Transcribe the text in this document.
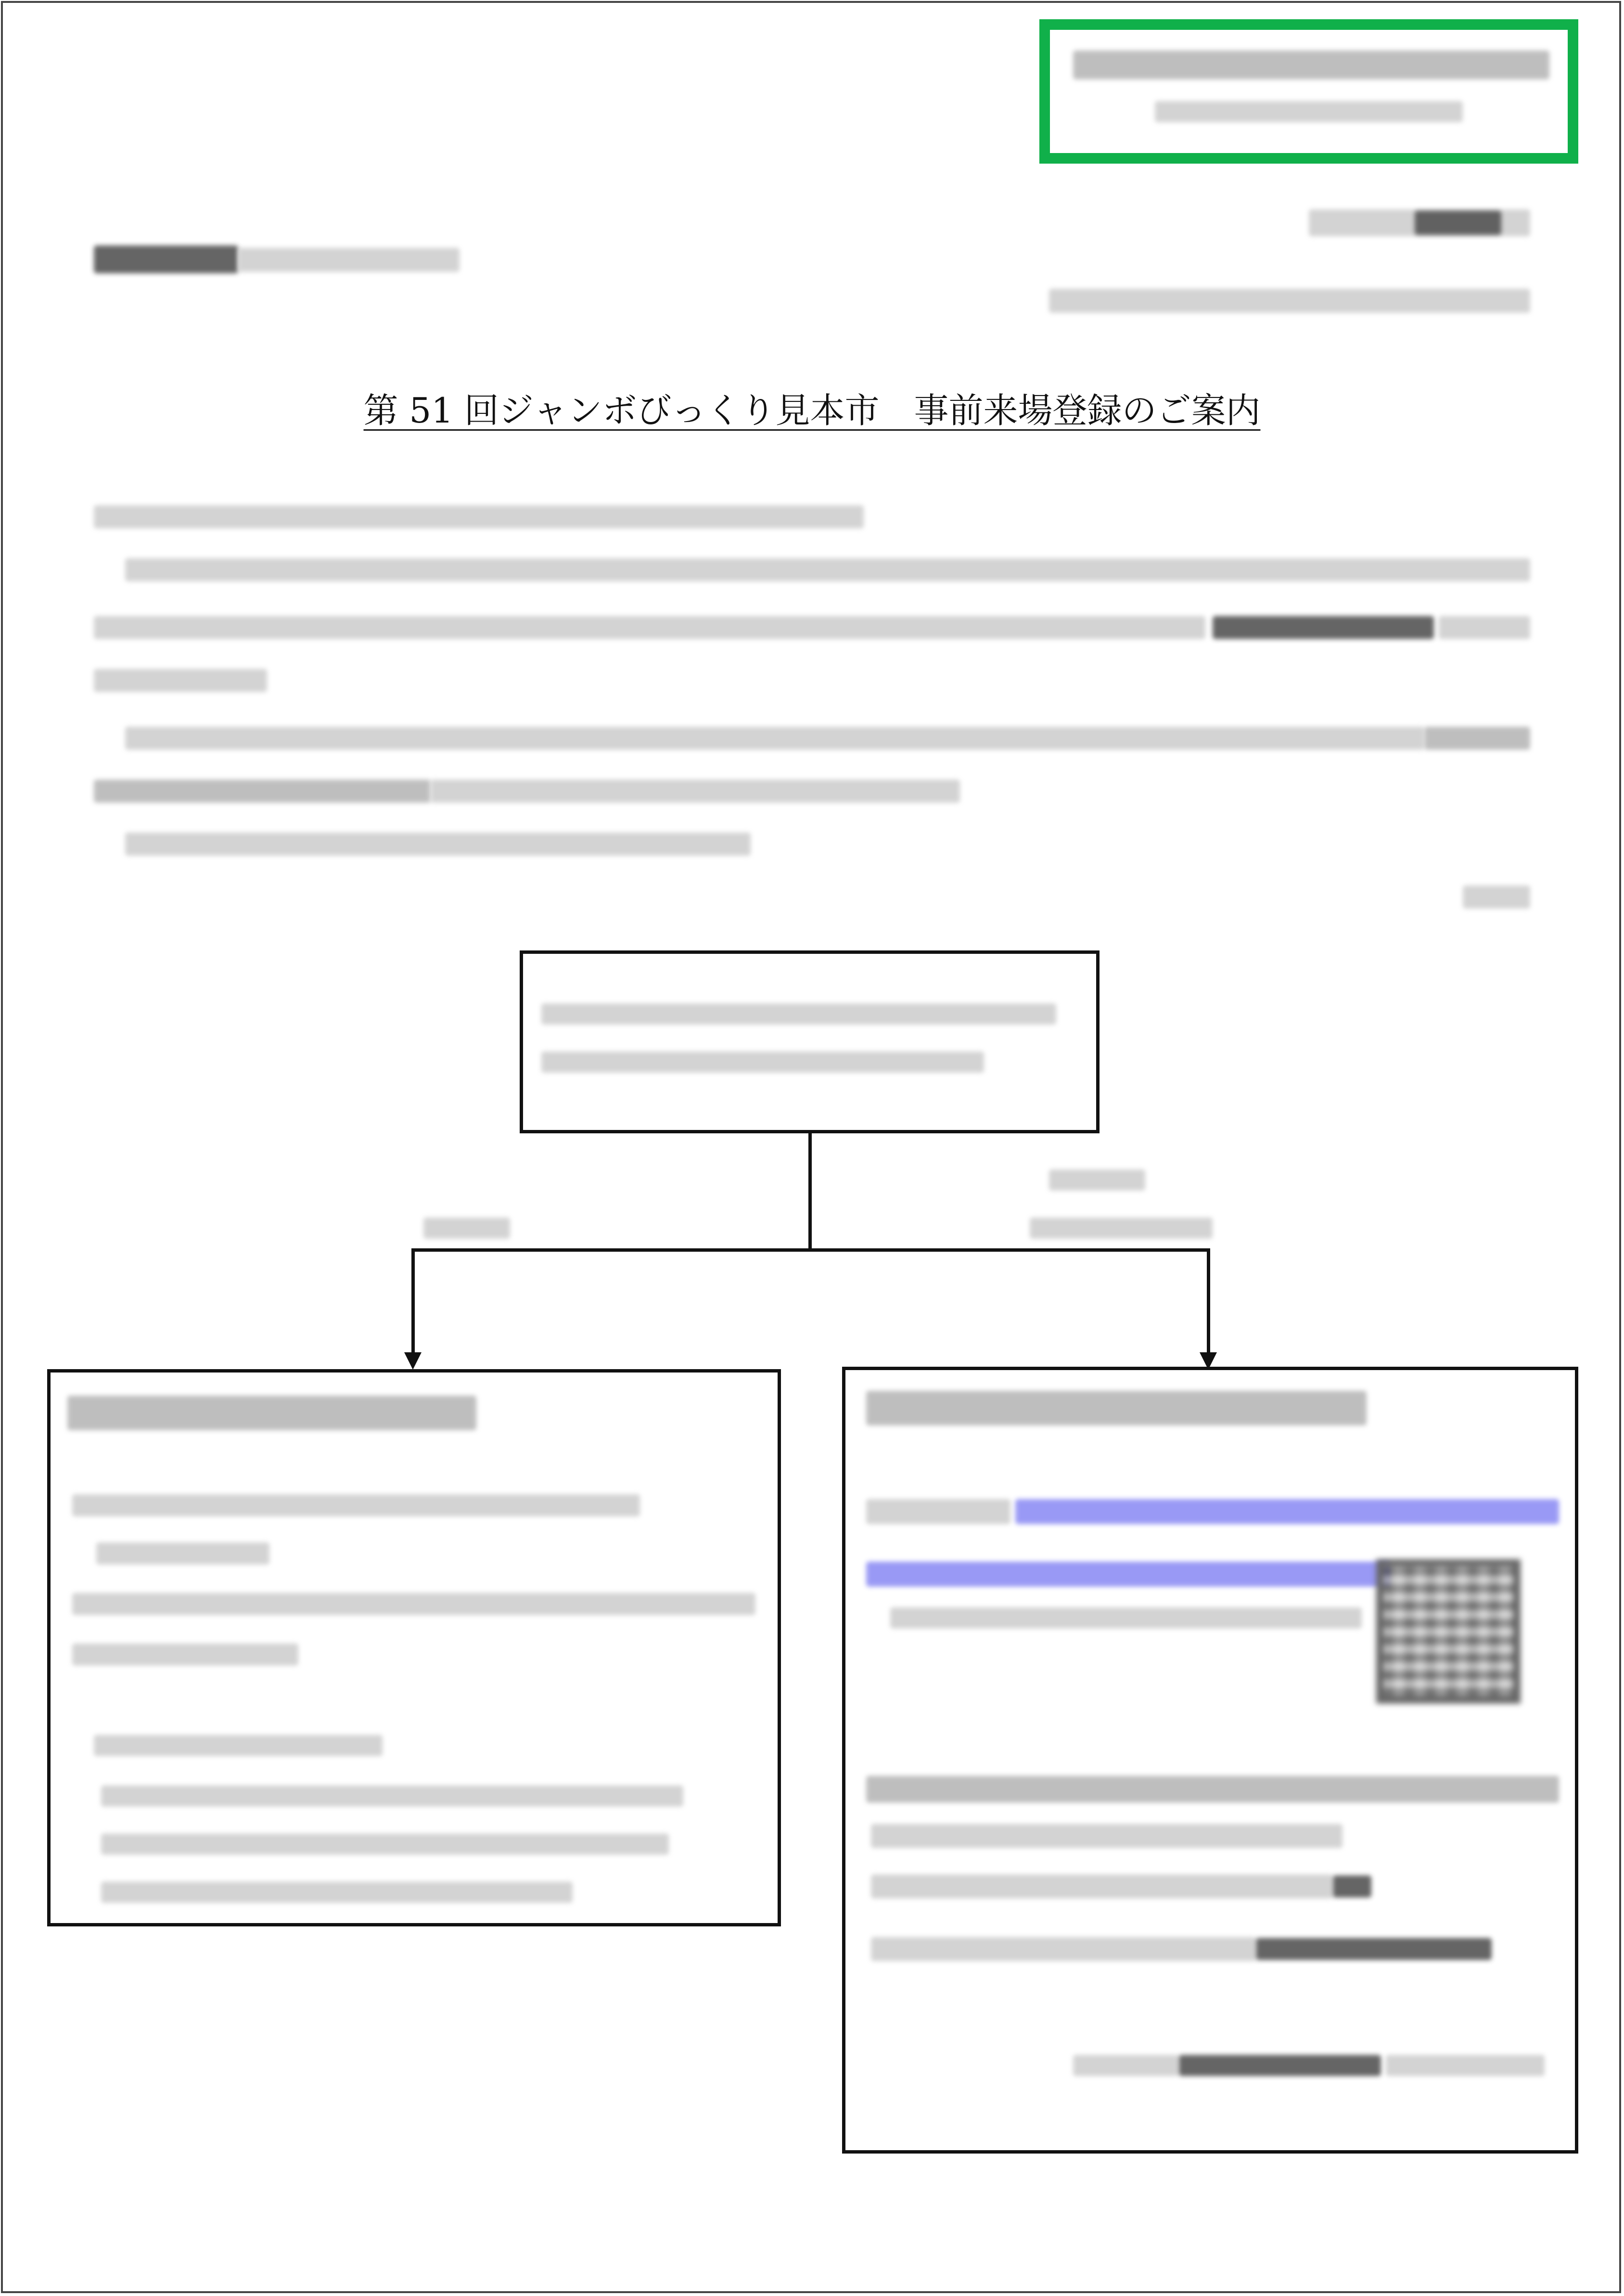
第 51 回ジャンボびっくり見本市　事前来場登録のご案内
